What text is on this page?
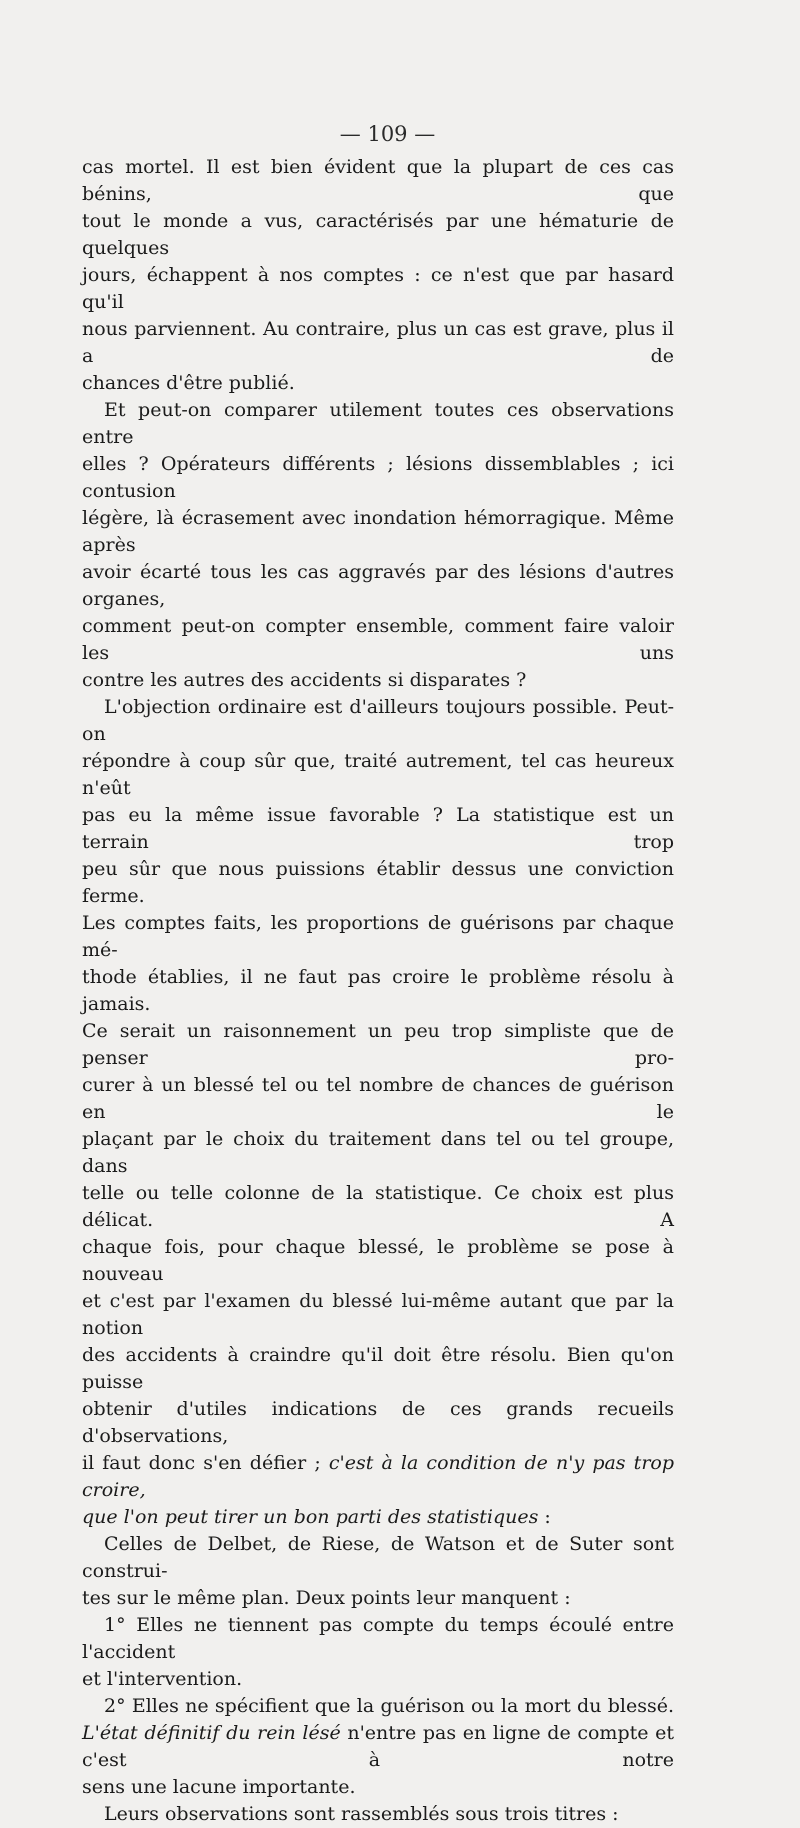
— 109 —

cas mortel. Il est bien évident que la plupart de ces cas bénins, que

tout le monde a vus, caractérisés par une hématurie de quelques

jours, échappent à nos comptes : ce n'est que par hasard qu'il

nous parviennent. Au contraire, plus un cas est grave, plus il a de

chances d'être publié.

Et peut-on comparer utilement toutes ces observations entre

elles ? Opérateurs différents ; lésions dissemblables ; ici contusion

légère, là écrasement avec inondation hémorragique. Même après

avoir écarté tous les cas aggravés par des lésions d'autres organes,

comment peut-on compter ensemble, comment faire valoir les uns

contre les autres des accidents si disparates ?

L'objection ordinaire est d'ailleurs toujours possible. Peut-on

répondre à coup sûr que, traité autrement, tel cas heureux n'eût

pas eu la même issue favorable ? La statistique est un terrain trop

peu sûr que nous puissions établir dessus une conviction ferme.

Les comptes faits, les proportions de guérisons par chaque mé-

thode établies, il ne faut pas croire le problème résolu à jamais.

Ce serait un raisonnement un peu trop simpliste que de penser pro-

curer à un blessé tel ou tel nombre de chances de guérison en le

plaçant par le choix du traitement dans tel ou tel groupe, dans

telle ou telle colonne de la statistique. Ce choix est plus délicat. A

chaque fois, pour chaque blessé, le problème se pose à nouveau

et c'est par l'examen du blessé lui-même autant que par la notion

des accidents à craindre qu'il doit être résolu. Bien qu'on puisse

obtenir d'utiles indications de ces grands recueils d'observations,

il faut donc s'en défier ; c'est à la condition de n'y pas trop croire,

que l'on peut tirer un bon parti des statistiques :

Celles de Delbet, de Riese, de Watson et de Suter sont construi-

tes sur le même plan. Deux points leur manquent :

1° Elles ne tiennent pas compte du temps écoulé entre l'accident

et l'intervention.

2° Elles ne spécifient que la guérison ou la mort du blessé. L'état définitif du rein lésé n'entre pas en ligne de compte et c'est à notre

sens une lacune importante.

Leurs observations sont rassemblés sous trois titres :
